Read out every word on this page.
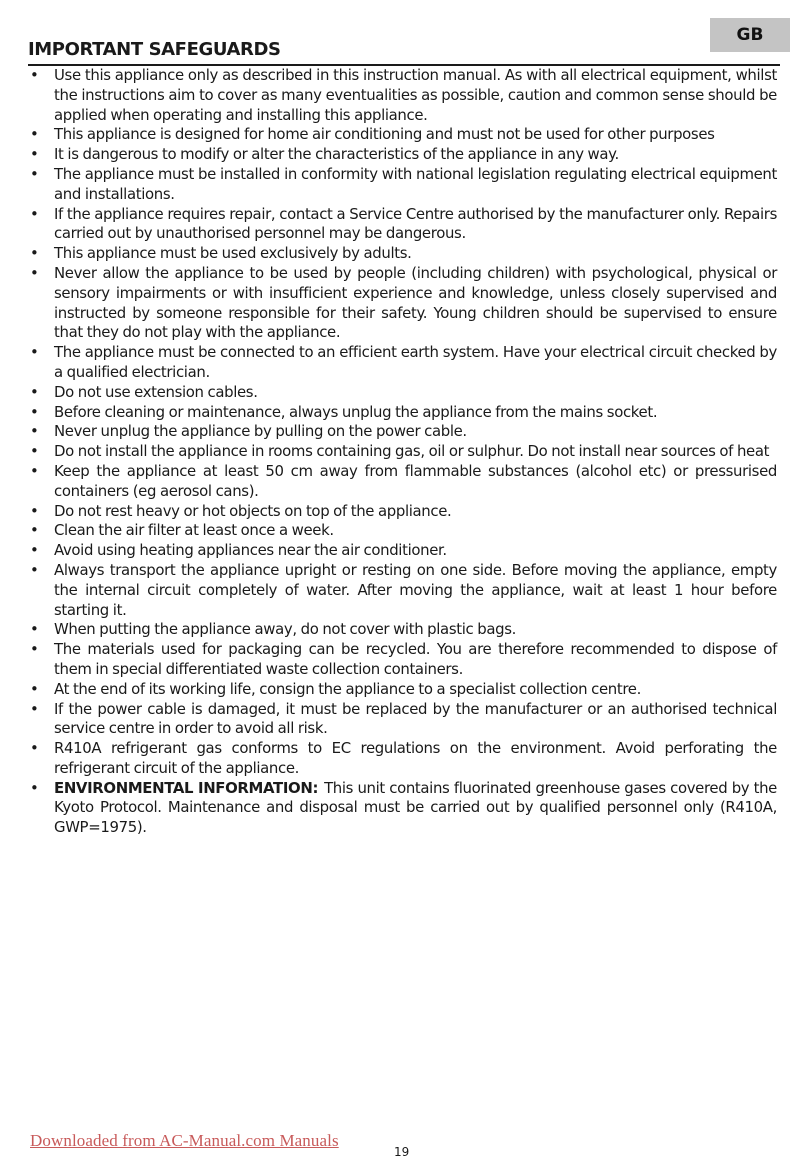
GB
IMPORTANT SAFEGUARDS
• Use this appliance only as described in this instruction manual. As with all electrical equipment, whilst the instructions aim to cover as many eventualities as possible, caution and common sense should be applied when operating and installing this appliance.
• This appliance is designed for home air conditioning and must not be used for other purposes
• It is dangerous to modify or alter the characteristics of the appliance in any way.
• The appliance must be installed in conformity with national legislation regulating electrical equipment and installations.
• If the appliance requires repair, contact a Service Centre authorised by the manufacturer only. Repairs carried out by unauthorised personnel may be dangerous.
• This appliance must be used exclusively by adults.
• Never allow the appliance to be used by people (including children) with psychological, physical or sensory impairments or with insufficient experience and knowledge, unless closely supervised and instructed by someone responsible for their safety. Young children should be supervised to ensure that they do not play with the appliance.
• The appliance must be connected to an efficient earth system. Have your electrical circuit checked by a qualified electrician.
• Do not use extension cables.
• Before cleaning or maintenance, always unplug the appliance from the mains socket.
• Never unplug the appliance by pulling on the power cable.
• Do not install the appliance in rooms containing gas, oil or sulphur. Do not install near sources of heat
• Keep the appliance at least 50 cm away from flammable substances (alcohol etc) or pressurised containers (eg aerosol cans).
• Do not rest heavy or hot objects on top of the appliance.
• Clean the air filter at least once a week.
• Avoid using heating appliances near the air conditioner.
• Always transport the appliance upright or resting on one side. Before moving the appliance, empty the internal circuit completely of water. After moving the appliance, wait at least 1 hour before starting it.
• When putting the appliance away, do not cover with plastic bags.
• The materials used for packaging can be recycled. You are therefore recommended to dispose of them in special differentiated waste collection containers.
• At the end of its working life, consign the appliance to a specialist collection centre.
• If the power cable is damaged, it must be replaced by the manufacturer or an authorised technical service centre in order to avoid all risk.
• R410A refrigerant gas conforms to EC regulations on the environment. Avoid perforating the refrigerant circuit of the appliance.
• ENVIRONMENTAL INFORMATION: This unit contains fluorinated greenhouse gases covered by the Kyoto Protocol. Maintenance and disposal must be carried out by qualified personnel only (R410A, GWP=1975).
Downloaded from AC-Manual.com Manuals
19
